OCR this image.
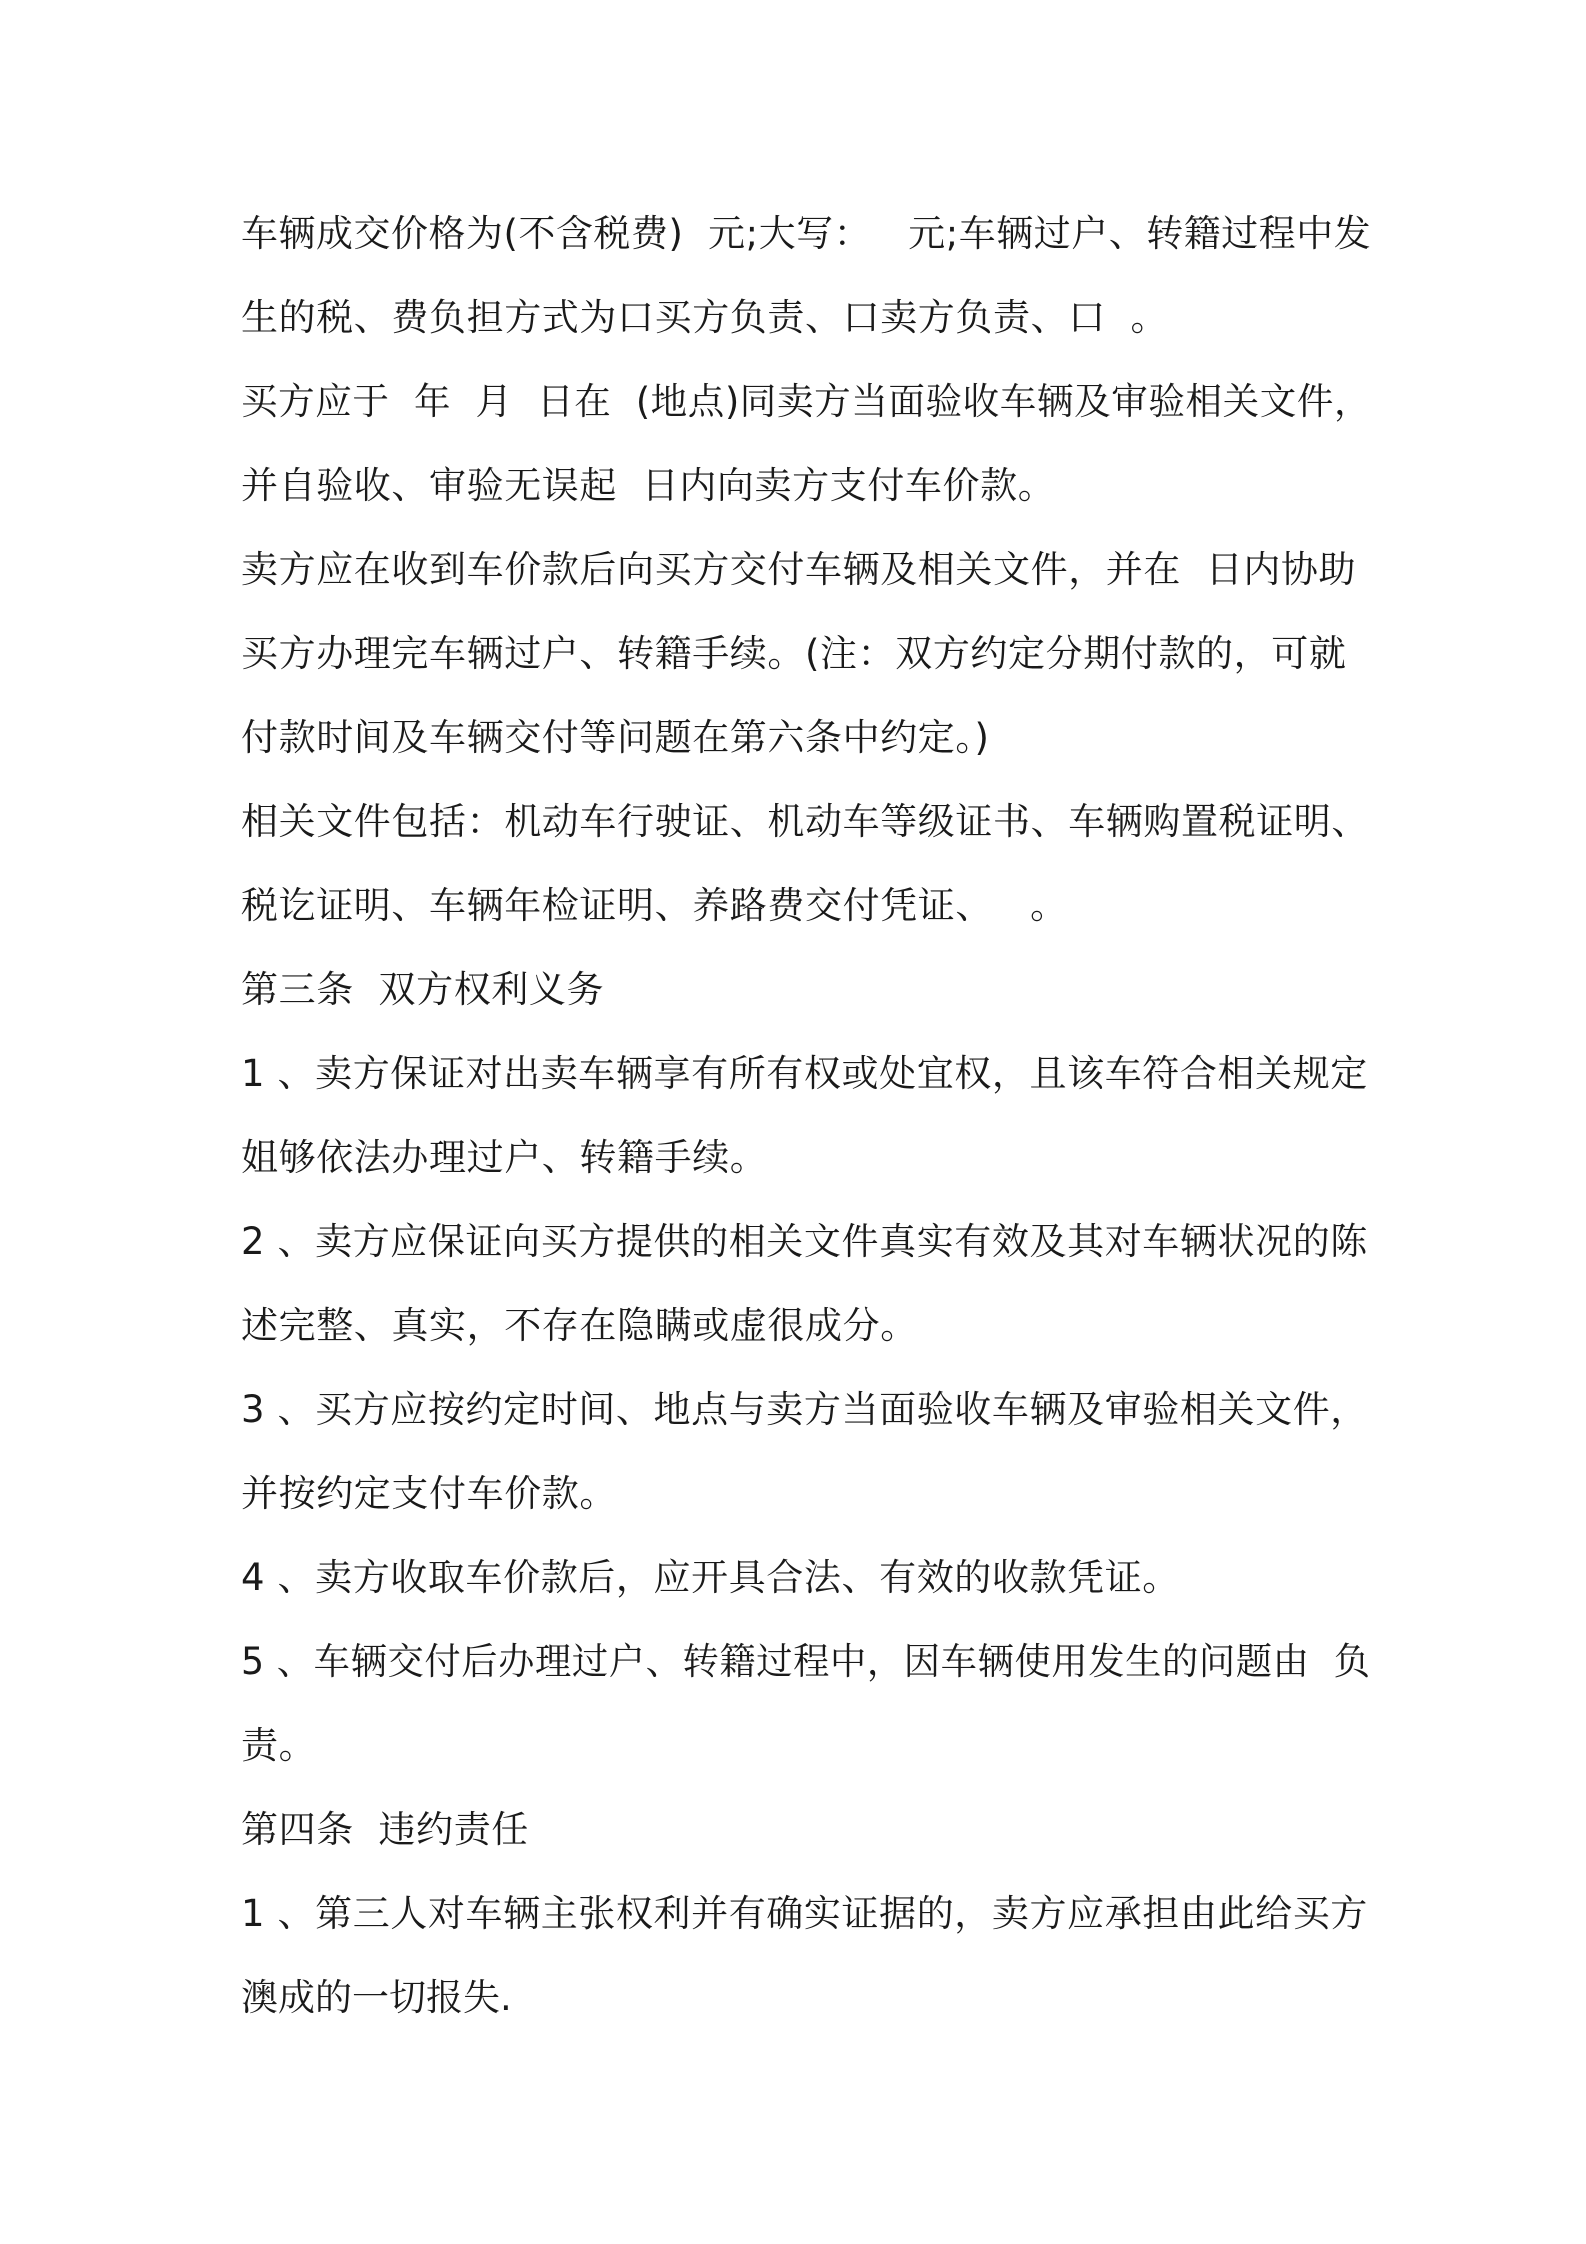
车辆成交价格为(不含税费)  元;大写：   元;车辆过户、转籍过程中发
生的税、费负担方式为口买方负责、口卖方负责、口  。
买方应于  年  月  日在  (地点)同卖方当面验收车辆及审验相关文件，
并自验收、审验无误起  日内向卖方支付车价款。
卖方应在收到车价款后向买方交付车辆及相关文件，并在  日内协助
买方办理完车辆过户、转籍手续。(注：双方约定分期付款的，可就
付款时间及车辆交付等问题在第六条中约定。)
相关文件包括：机动车行驶证、机动车等级证书、车辆购置税证明、
税讫证明、车辆年检证明、养路费交付凭证、   。
第三条  双方权利义务
1 、卖方保证对出卖车辆享有所有权或处宜权，且该车符合相关规定
姐够依法办理过户、转籍手续。
2 、卖方应保证向买方提供的相关文件真实有效及其对车辆状况的陈
述完整、真实，不存在隐瞒或虚很成分。
3 、买方应按约定时间、地点与卖方当面验收车辆及审验相关文件，
并按约定支付车价款。
4 、卖方收取车价款后，应开具合法、有效的收款凭证。
5 、车辆交付后办理过户、转籍过程中，因车辆使用发生的问题由  负
责。
第四条  违约责任
1 、第三人对车辆主张权利并有确实证据的，卖方应承担由此给买方
澳成的一切报失.
